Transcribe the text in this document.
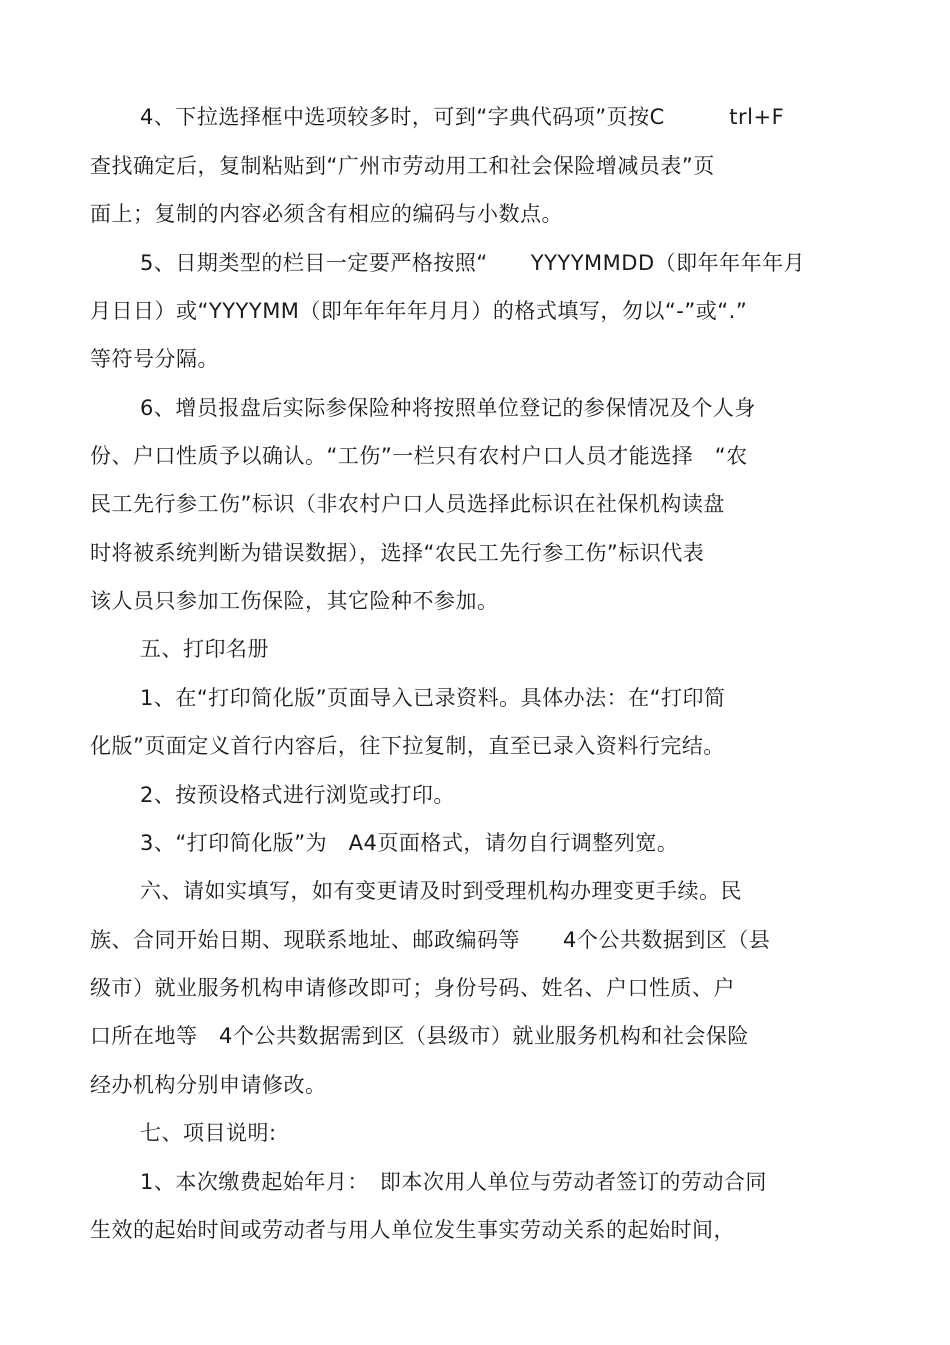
4、下拉选择框中选项较多时，可到“字典代码项”页按C　　　trl+F
查找确定后，复制粘贴到“广州市劳动用工和社会保险增减员表”页
面上；复制的内容必须含有相应的编码与小数点。
5、日期类型的栏目一定要严格按照“　　YYYYMMDD（即年年年年月
月日日）或“YYYYMM（即年年年年月月）的格式填写，勿以“-”或“.”
等符号分隔。
6、增员报盘后实际参保险种将按照单位登记的参保情况及个人身
份、户口性质予以确认。“工伤”一栏只有农村户口人员才能选择　“农
民工先行参工伤”标识（非农村户口人员选择此标识在社保机构读盘
时将被系统判断为错误数据），选择“农民工先行参工伤”标识代表
该人员只参加工伤保险，其它险种不参加。
五、打印名册
1、在“打印简化版”页面导入已录资料。具体办法：在“打印简
化版”页面定义首行内容后，往下拉复制，直至已录入资料行完结。
2、按预设格式进行浏览或打印。
3、“打印简化版”为　A4页面格式，请勿自行调整列宽。
六、请如实填写，如有变更请及时到受理机构办理变更手续。民
族、合同开始日期、现联系地址、邮政编码等　　4个公共数据到区（县
级市）就业服务机构申请修改即可；身份号码、姓名、户口性质、户
口所在地等　4个公共数据需到区（县级市）就业服务机构和社会保险
经办机构分别申请修改。
七、项目说明:
1、本次缴费起始年月：　即本次用人单位与劳动者签订的劳动合同
生效的起始时间或劳动者与用人单位发生事实劳动关系的起始时间，
